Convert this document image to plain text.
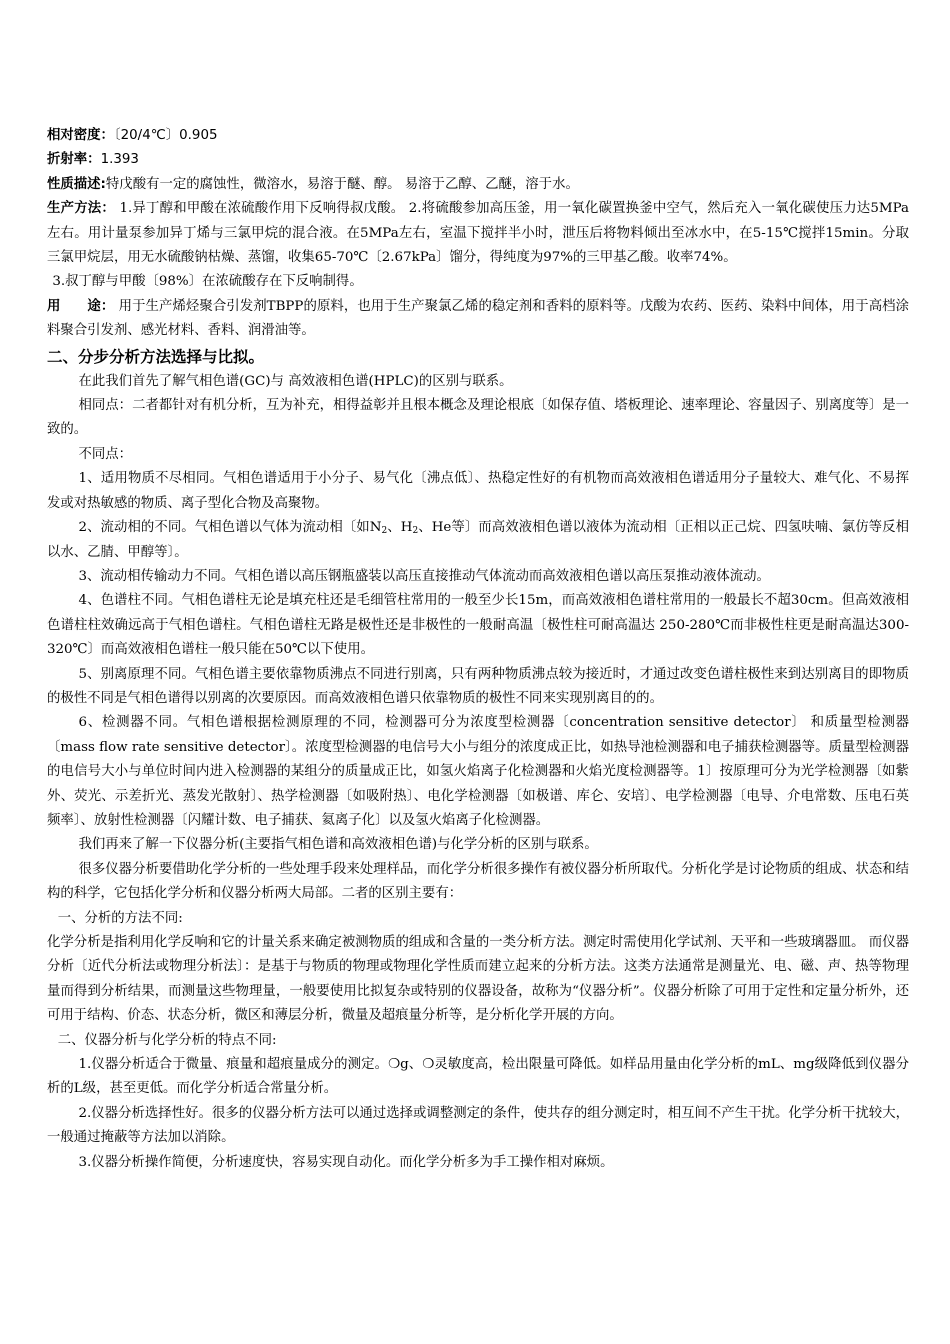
相对密度：〔20/4℃〕0.905

折射率：1.393

性质描述:特戊酸有一定的腐蚀性，微溶水，易溶于醚、醇。 易溶于乙醇、乙醚，溶于水。

生产方法： 1.异丁醇和甲酸在浓硫酸作用下反响得叔戊酸。 2.将硫酸参加高压釜，用一氧化碳置换釜中空气，然后充入一氧化碳使压力达5MPa左右。用计量泵参加异丁烯与三氯甲烷的混合液。在5MPa左右，室温下搅拌半小时，泄压后将物料倾出至冰水中，在5-15℃搅拌15min。分取三氯甲烷层，用无水硫酸钠枯燥、蒸馏，收集65-70℃〔2.67kPa〕馏分，得纯度为97%的三甲基乙酸。收率74%。

3.叔丁醇与甲酸〔98%〕在浓硫酸存在下反响制得。

用　　途： 用于生产烯烃聚合引发剂TBPP的原料，也用于生产聚氯乙烯的稳定剂和香料的原料等。戊酸为农药、医药、染料中间体，用于高档涂料聚合引发剂、感光材料、香料、润滑油等。

二、分步分析方法选择与比拟。

在此我们首先了解气相色谱(GC)与 高效液相色谱(HPLC)的区别与联系。

相同点：二者都针对有机分析，互为补充，相得益彰并且根本概念及理论根底〔如保存值、塔板理论、速率理论、容量因子、别离度等〕是一致的。

不同点：

1、适用物质不尽相同。气相色谱适用于小分子、易气化〔沸点低〕、热稳定性好的有机物而高效液相色谱适用分子量较大、难气化、不易挥发或对热敏感的物质、离子型化合物及高聚物。

2、流动相的不同。气相色谱以气体为流动相〔如$N_2$、$H_2$、He等〕而高效液相色谱以液体为流动相〔正相以正己烷、四氢呋喃、氯仿等反相以水、乙腈、甲醇等〕。

3、流动相传输动力不同。气相色谱以高压钢瓶盛装以高压直接推动气体流动而高效液相色谱以高压泵推动液体流动。

4、色谱柱不同。气相色谱柱无论是填充柱还是毛细管柱常用的一般至少长15m，而高效液相色谱柱常用的一般最长不超30cm。但高效液相色谱柱柱效确远高于气相色谱柱。气相色谱柱无路是极性还是非极性的一般耐高温〔极性柱可耐高温达 250-280℃而非极性柱更是耐高温达300-320℃〕而高效液相色谱柱一般只能在50℃以下使用。

5、别离原理不同。气相色谱主要依靠物质沸点不同进行别离，只有两种物质沸点较为接近时，才通过改变色谱柱极性来到达别离目的即物质的极性不同是气相色谱得以别离的次要原因。而高效液相色谱只依靠物质的极性不同来实现别离目的的。

6、检测器不同。气相色谱根据检测原理的不同，检测器可分为浓度型检测器〔concentration sensitive detector〕 和质量型检测器〔mass flow rate sensitive detector〕。浓度型检测器的电信号大小与组分的浓度成正比，如热导池检测器和电子捕获检测器等。质量型检测器的电信号大小与单位时间内进入检测器的某组分的质量成正比，如氢火焰离子化检测器和火焰光度检测器等。1〕按原理可分为光学检测器〔如紫外、荧光、示差折光、蒸发光散射〕、热学检测器〔如吸附热〕、电化学检测器〔如极谱、库仑、安培〕、电学检测器〔电导、介电常数、压电石英频率〕、放射性检测器〔闪耀计数、电子捕获、氦离子化〕以及氢火焰离子化检测器。

我们再来了解一下仪器分析(主要指气相色谱和高效液相色谱)与化学分析的区别与联系。

很多仪器分析要借助化学分析的一些处理手段来处理样品，而化学分析很多操作有被仪器分析所取代。分析化学是讨论物质的组成、状态和结构的科学，它包括化学分析和仪器分析两大局部。二者的区别主要有：

一、分析的方法不同:

化学分析是指利用化学反响和它的计量关系来确定被测物质的组成和含量的一类分析方法。测定时需使用化学试剂、天平和一些玻璃器皿。 而仪器分析〔近代分析法或物理分析法〕：是基于与物质的物理或物理化学性质而建立起来的分析方法。这类方法通常是测量光、电、磁、声、热等物理量而得到分析结果，而测量这些物理量，一般要使用比拟复杂或特别的仪器设备，故称为“仪器分析”。仪器分析除了可用于定性和定量分析外，还可用于结构、价态、状态分析，微区和薄层分析，微量及超痕量分析等，是分析化学开展的方向。

二、仪器分析与化学分析的特点不同:

1.仪器分析适合于微量、痕量和超痕量成分的测定。❍g、❍灵敏度高，检出限量可降低。如样品用量由化学分析的mL、mg级降低到仪器分析的L级，甚至更低。而化学分析适合常量分析。

2.仪器分析选择性好。很多的仪器分析方法可以通过选择或调整测定的条件，使共存的组分测定时，相互间不产生干扰。化学分析干扰较大，一般通过掩蔽等方法加以消除。

3.仪器分析操作简便，分析速度快，容易实现自动化。而化学分析多为手工操作相对麻烦。
